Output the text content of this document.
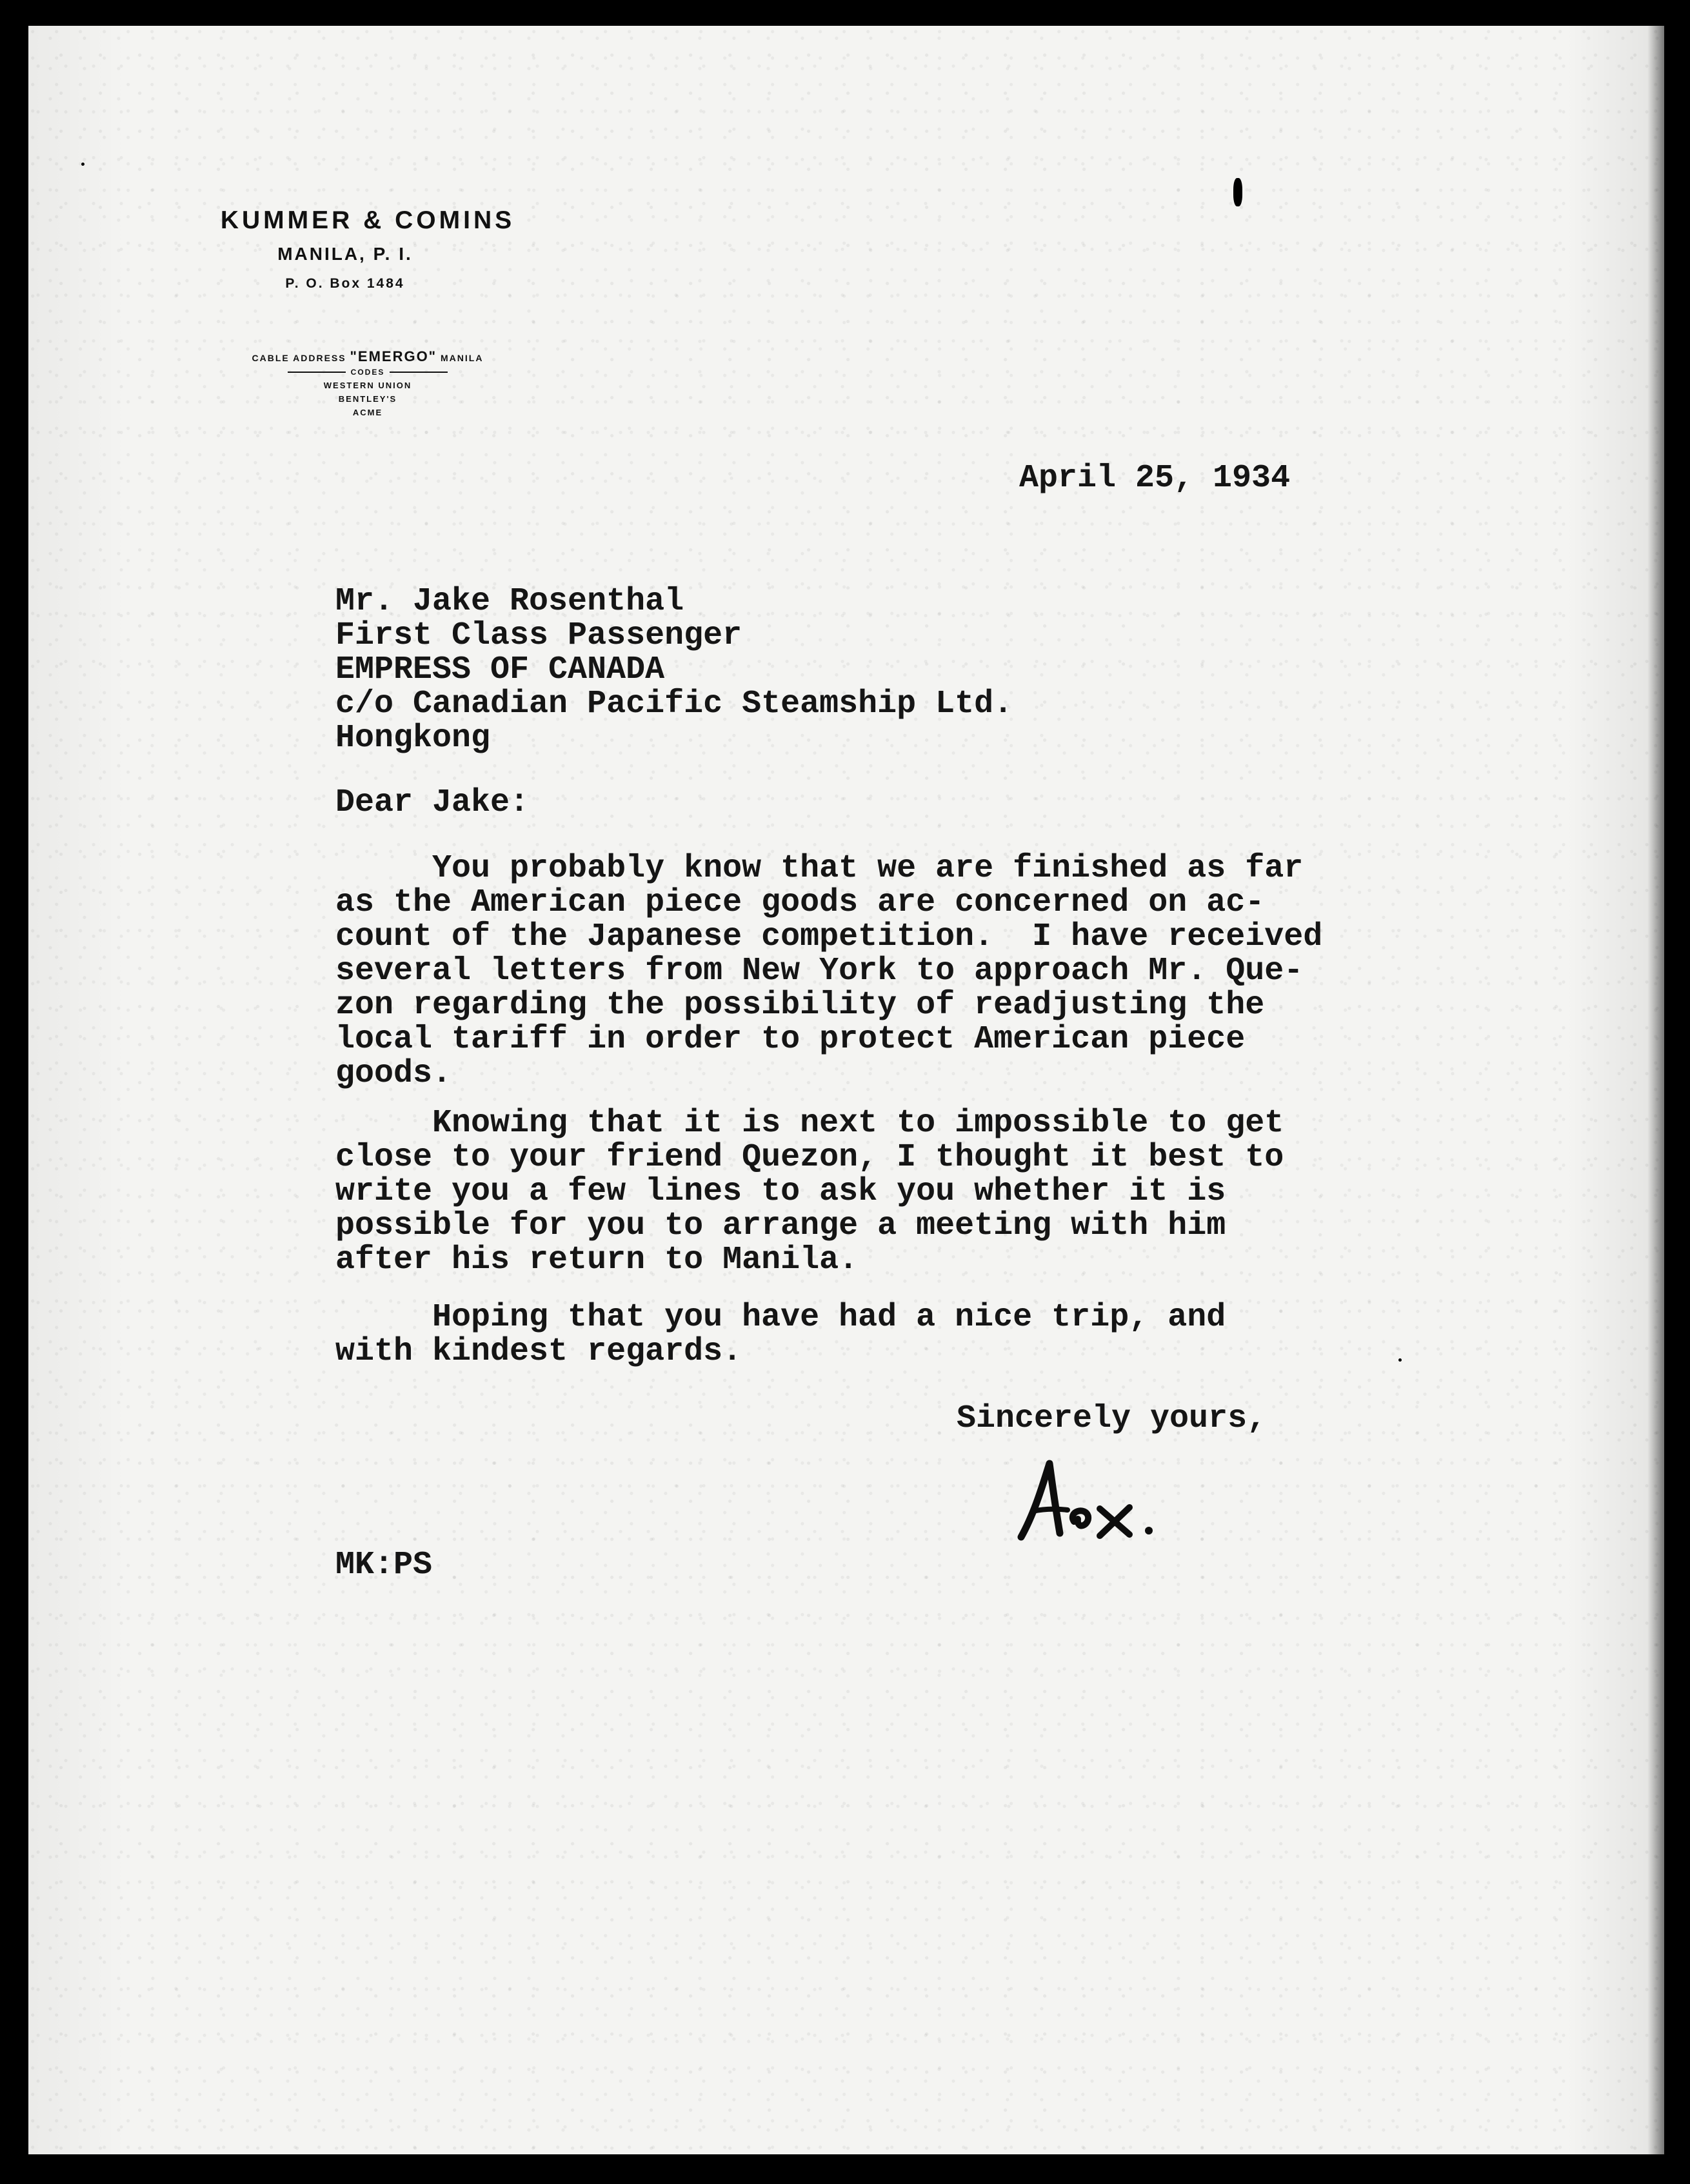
KUMMER & COMINS
MANILA, P. I.
P. O. Box 1484
CABLE ADDRESS "EMERGO" MANILA
CODES
WESTERN UNION
BENTLEY'S
ACME
April 25, 1934
Mr. Jake Rosenthal
First Class Passenger
EMPRESS OF CANADA
c/o Canadian Pacific Steamship Ltd.
Hongkong
Dear Jake:
You probably know that we are finished as far
as the American piece goods are concerned on ac-
count of the Japanese competition.  I have received
several letters from New York to approach Mr. Que-
zon regarding the possibility of readjusting the
local tariff in order to protect American piece
goods.
Knowing that it is next to impossible to get
close to your friend Quezon, I thought it best to
write you a few lines to ask you whether it is
possible for you to arrange a meeting with him
after his return to Manila.
Hoping that you have had a nice trip, and
with kindest regards.
Sincerely yours,
MK:PS
